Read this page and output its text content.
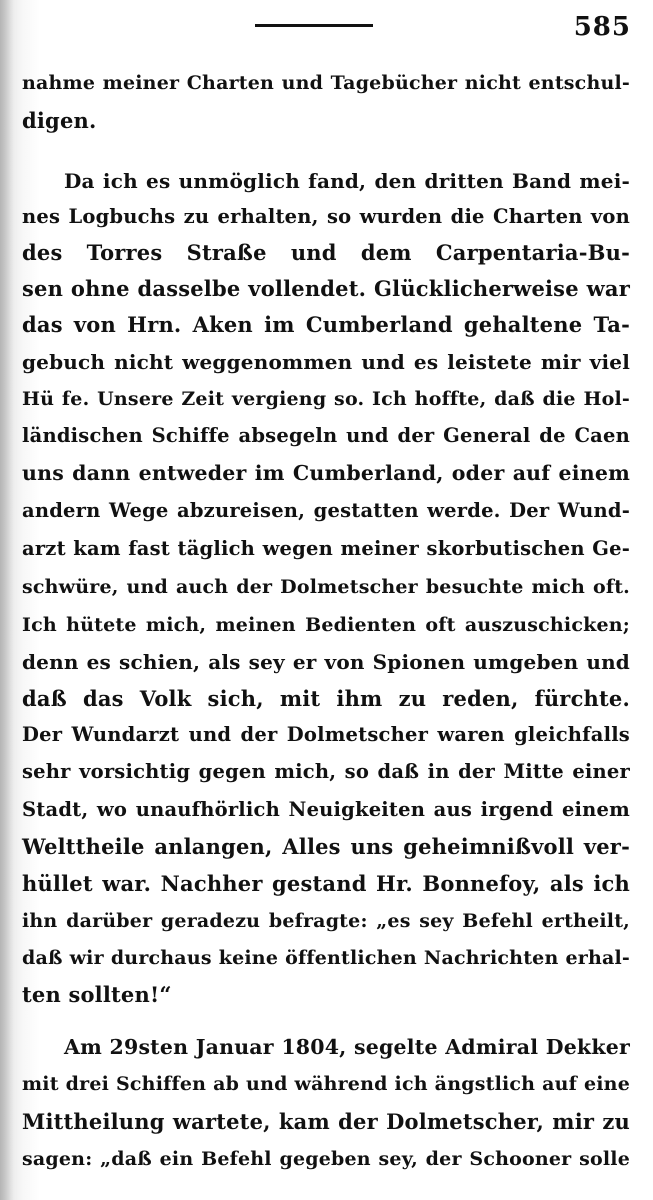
585
nahme meiner Charten und Tagebücher nicht entschul-
digen.
Da ich es unmöglich fand, den dritten Band mei-
nes Logbuchs zu erhalten, so wurden die Charten von
des Torres Straße und dem Carpentaria-Bu-
sen ohne dasselbe vollendet. Glücklicherweise war
das von Hrn. Aken im Cumberland gehaltene Ta-
gebuch nicht weggenommen und es leistete mir viel
Hü fe. Unsere Zeit vergieng so. Ich hoffte, daß die Hol-
ländischen Schiffe absegeln und der General de Caen
uns dann entweder im Cumberland, oder auf einem
andern Wege abzureisen, gestatten werde. Der Wund-
arzt kam fast täglich wegen meiner skorbutischen Ge-
schwüre, und auch der Dolmetscher besuchte mich oft.
Ich hütete mich, meinen Bedienten oft auszuschicken;
denn es schien, als sey er von Spionen umgeben und
daß das Volk sich, mit ihm zu reden, fürchte.
Der Wundarzt und der Dolmetscher waren gleichfalls
sehr vorsichtig gegen mich, so daß in der Mitte einer
Stadt, wo unaufhörlich Neuigkeiten aus irgend einem
Welttheile anlangen, Alles uns geheimnißvoll ver-
hüllet war. Nachher gestand Hr. Bonnefoy, als ich
ihn darüber geradezu befragte: „es sey Befehl ertheilt,
daß wir durchaus keine öffentlichen Nachrichten erhal-
ten sollten!“
Am 29sten Januar 1804, segelte Admiral Dekker
mit drei Schiffen ab und während ich ängstlich auf eine
Mittheilung wartete, kam der Dolmetscher, mir zu
sagen: „daß ein Befehl gegeben sey, der Schooner solle
